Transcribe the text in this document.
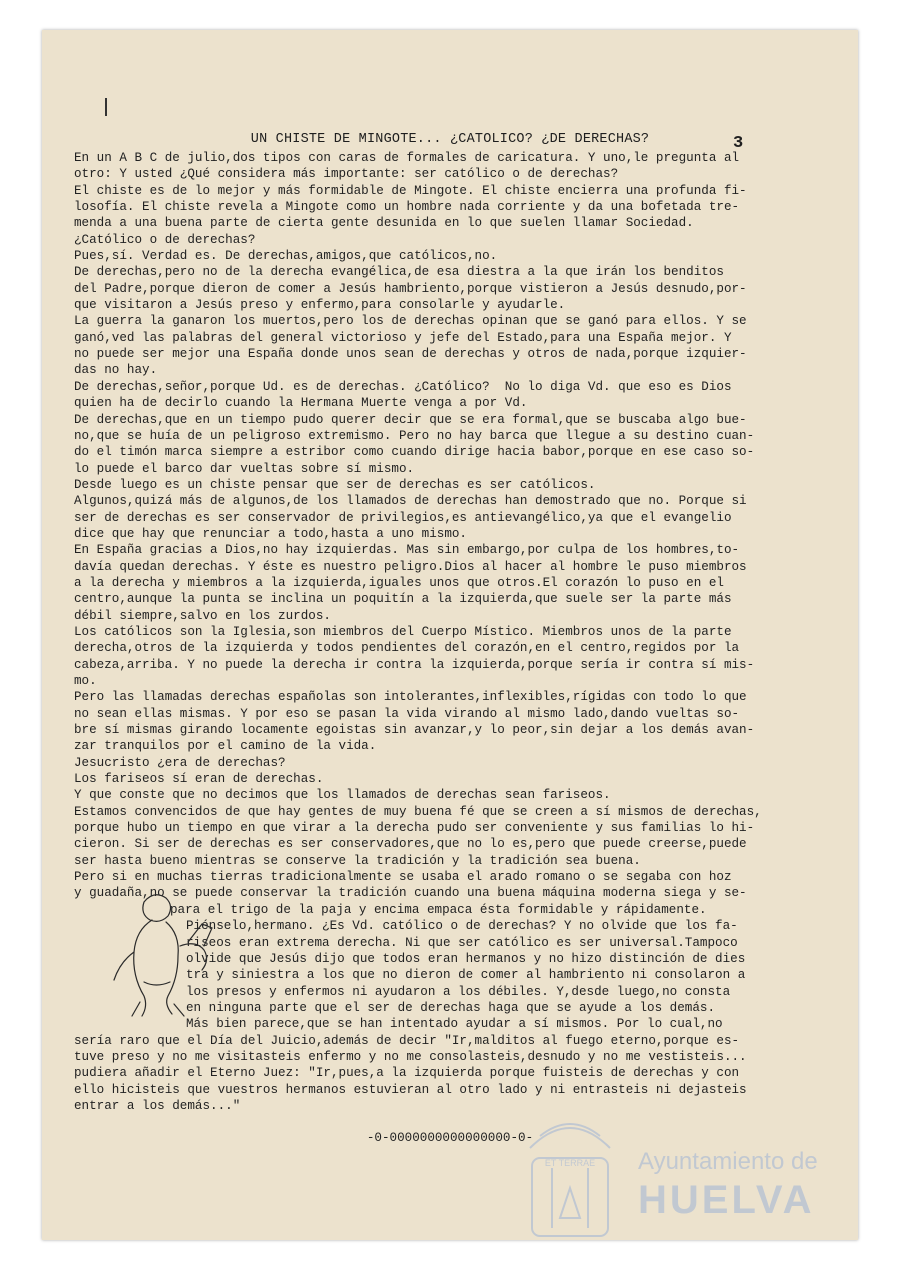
UN CHISTE DE MINGOTE... ¿CATOLICO? ¿DE DERECHAS?	3
En un A B C de julio,dos tipos con caras de formales de caricatura. Y uno,le pregunta al
otro: Y usted ¿Qué considera más importante: ser católico o de derechas?
El chiste es de lo mejor y más formidable de Mingote. El chiste encierra una profunda fi-
losofía. El chiste revela a Mingote como un hombre nada corriente y da una bofetada tre-
menda a una buena parte de cierta gente desunida en lo que suelen llamar Sociedad.
¿Católico o de derechas?
Pues,sí. Verdad es. De derechas,amigos,que católicos,no.
De derechas,pero no de la derecha evangélica,de esa diestra a la que irán los benditos
del Padre,porque dieron de comer a Jesús hambriento,porque vistieron a Jesús desnudo,por-
que visitaron a Jesús preso y enfermo,para consolarle y ayudarle.
La guerra la ganaron los muertos,pero los de derechas opinan que se ganó para ellos. Y se
ganó,ved las palabras del general victorioso y jefe del Estado,para una España mejor. Y
no puede ser mejor una España donde unos sean de derechas y otros de nada,porque izquier-
das no hay.
De derechas,señor,porque Ud. es de derechas. ¿Católico?  No lo diga Vd. que eso es Dios
quien ha de decirlo cuando la Hermana Muerte venga a por Vd.
De derechas,que en un tiempo pudo querer decir que se era formal,que se buscaba algo bue-
no,que se huía de un peligroso extremismo. Pero no hay barca que llegue a su destino cuan-
do el timón marca siempre a estribor como cuando dirige hacia babor,porque en ese caso so-
lo puede el barco dar vueltas sobre sí mismo.
Desde luego es un chiste pensar que ser de derechas es ser católicos.
Algunos,quizá más de algunos,de los llamados de derechas han demostrado que no. Porque si
ser de derechas es ser conservador de privilegios,es antievangélico,ya que el evangelio
dice que hay que renunciar a todo,hasta a uno mismo.
En España gracias a Dios,no hay izquierdas. Mas sin embargo,por culpa de los hombres,to-
davía quedan derechas. Y éste es nuestro peligro.Dios al hacer al hombre le puso miembros
a la derecha y miembros a la izquierda,iguales unos que otros.El corazón lo puso en el
centro,aunque la punta se inclina un poquitín a la izquierda,que suele ser la parte más
débil siempre,salvo en los zurdos.
Los católicos son la Iglesia,son miembros del Cuerpo Místico. Miembros unos de la parte
derecha,otros de la izquierda y todos pendientes del corazón,en el centro,regidos por la
cabeza,arriba. Y no puede la derecha ir contra la izquierda,porque sería ir contra sí mis-
mo.
Pero las llamadas derechas españolas son intolerantes,inflexibles,rígidas con todo lo que
no sean ellas mismas. Y por eso se pasan la vida virando al mismo lado,dando vueltas so-
bre sí mismas girando locamente egoistas sin avanzar,y lo peor,sin dejar a los demás avan-
zar tranquilos por el camino de la vida.
Jesucristo ¿era de derechas?
Los fariseos sí eran de derechas.
Y que conste que no decimos que los llamados de derechas sean fariseos.
Estamos convencidos de que hay gentes de muy buena fé que se creen a sí mismos de derechas,
porque hubo un tiempo en que virar a la derecha pudo ser conveniente y sus familias lo hi-
cieron. Si ser de derechas es ser conservadores,que no lo es,pero que puede creerse,puede
ser hasta bueno mientras se conserve la tradición y la tradición sea buena.
Pero si en muchas tierras tradicionalmente se usaba el arado romano o se segaba con hoz
y guadaña,no se puede conservar la tradición cuando una buena máquina moderna siega y se-
para el trigo de la paja y encima empaca ésta formidable y rápidamente.
Piénselo,hermano. ¿Es Vd. católico o de derechas? Y no olvide que los fa-
riseos eran extrema derecha. Ni que ser católico es ser universal.Tampoco
olvide que Jesús dijo que todos eran hermanos y no hizo distinción de dies
tra y siniestra a los que no dieron de comer al hambriento ni consolaron a
los presos y enfermos ni ayudaron a los débiles. Y,desde luego,no consta
en ninguna parte que el ser de derechas haga que se ayude a los demás.
Más bien parece,que se han intentado ayudar a sí mismos. Por lo cual,no
sería raro que el Día del Juicio,además de decir "Ir,malditos al fuego eterno,porque es-
tuve preso y no me visitasteis enfermo y no me consolasteis,desnudo y no me vestisteis...
pudiera añadir el Eterno Juez: "Ir,pues,a la izquierda porque fuisteis de derechas y con
ello hicisteis que vuestros hermanos estuvieran al otro lado y ni entrasteis ni dejasteis
entrar a los demás..."
-0-0000000000000000-0-
ET TERRAE Ayuntamiento de
HUELVA
